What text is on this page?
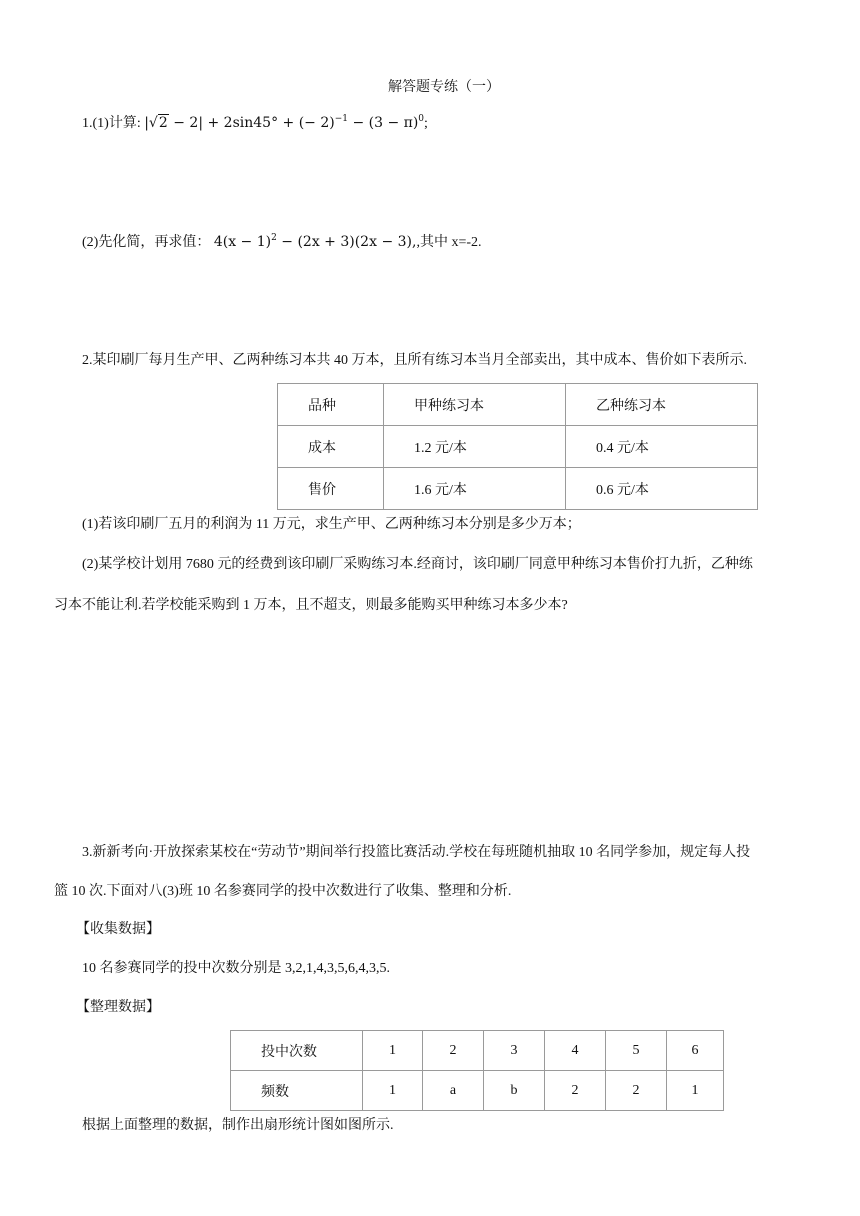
解答题专练（一）
1.(1)计算: |√2 − 2| + 2sin45° + (− $2)^{-1} - (3 - \pi)^0$;
(2)先化简，再求值： $4(x - 1)^2 - (2x + 3)(2x - 3)$,,其中 x=-2.
2.某印刷厂每月生产甲、乙两种练习本共 40 万本，且所有练习本当月全部卖出，其中成本、售价如下表所示.
品种	甲种练习本	乙种练习本
成本	1.2 元/本	0.4 元/本
售价	1.6 元/本	0.6 元/本
(1)若该印刷厂五月的利润为 11 万元，求生产甲、乙两种练习本分别是多少万本；
(2)某学校计划用 7680 元的经费到该印刷厂采购练习本.经商讨，该印刷厂同意甲种练习本售价打九折，乙种练
习本不能让利.若学校能采购到 1 万本，且不超支，则最多能购买甲种练习本多少本?
3.新新考向·开放探索某校在“劳动节”期间举行投篮比赛活动.学校在每班随机抽取 10 名同学参加，规定每人投
篮 10 次.下面对八(3)班 10 名参赛同学的投中次数进行了收集、整理和分析.
【收集数据】
10 名参赛同学的投中次数分别是 3,2,1,4,3,5,6,4,3,5.
【整理数据】
投中次数	1	2	3	4	5	6
频数	1	a	b	2	2	1
根据上面整理的数据，制作出扇形统计图如图所示.
